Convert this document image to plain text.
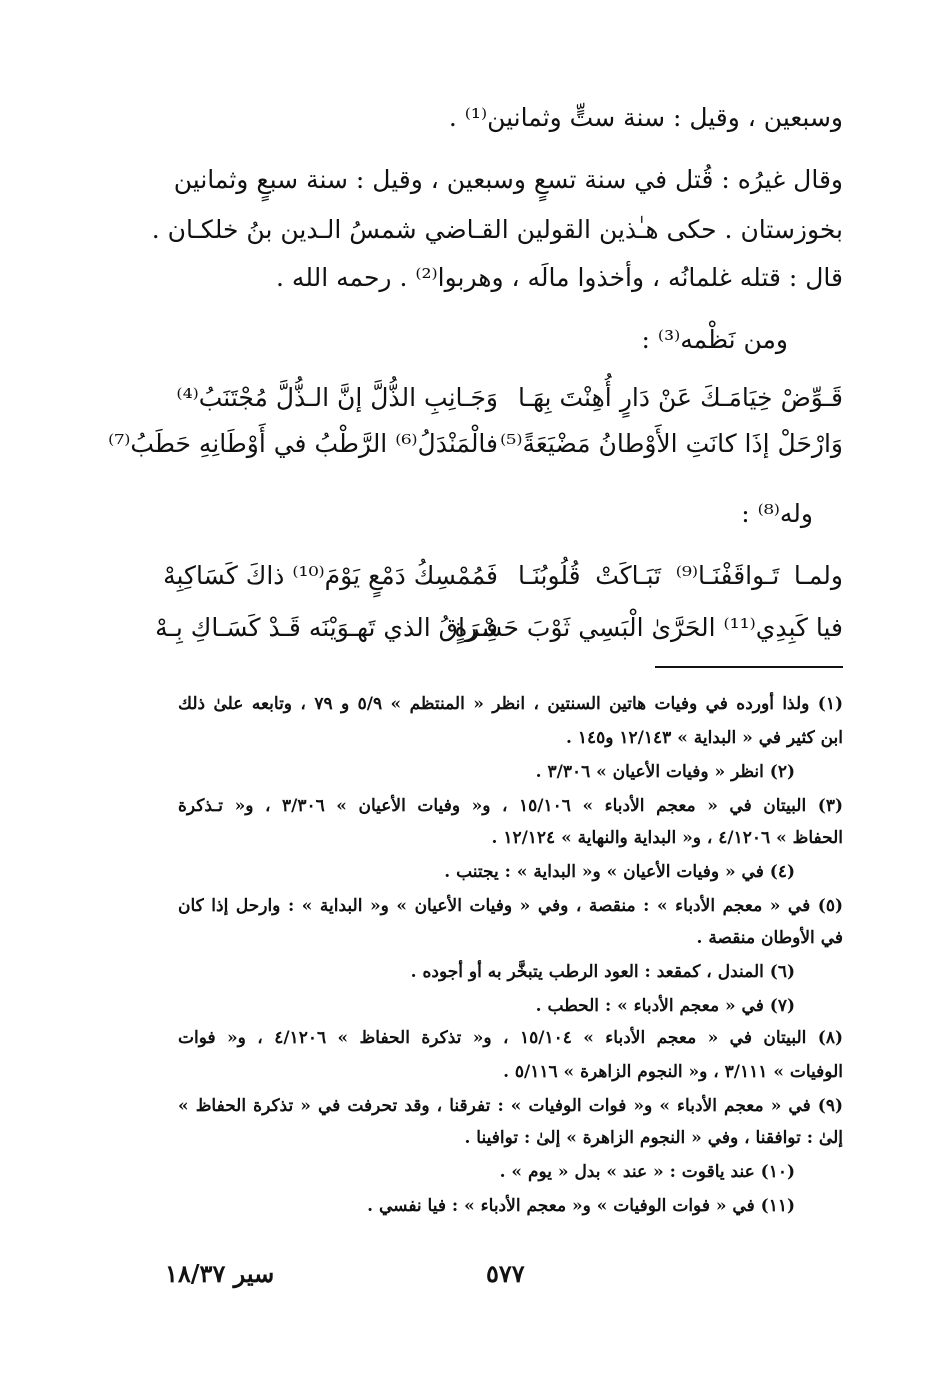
وسبعين ، وقيل : سنة ستٍّ وثمانين⁽¹⁾ .
وقال غيرُه : قُتل في سنة تسعٍ وسبعين ، وقيل : سنة سبعٍ وثمانين
بخوزستان . حكى هـٰذين القولين القـاضي شمسُ الـدين بنُ خلكـان .
قال : قتله غلمانُه ، وأخذوا مالَه ، وهربوا⁽²⁾ . رحمه الله .
ومن نَظْمه⁽³⁾ :
قَـوِّضْ خِيَامَـكَ عَنْ دَارٍ أُهِنْتَ بِهَـا
وَجَـانِبِ الذُّلَّ إنَّ الـذُّلَّ مُجْتَنَبُ⁽⁴⁾
وَارْحَلْ إذَا كانَتِ الأَوْطانُ مَضْيَعَةً⁽⁵⁾
فالْمَنْدَلُ⁽⁶⁾ الرَّطْبُ في أَوْطَانِهِ حَطَبُ⁽⁷⁾
وله⁽⁸⁾ :
ولمـا تَـواقَفْنَـا⁽⁹⁾ تَبَـاكَتْ قُلُوبُنَـا
فَمُمْسِكُ دَمْعٍ يَوْمَ⁽¹⁰⁾ ذاكَ كَسَاكِبِهْ
فيا كَبِدِي⁽¹¹⁾ الحَرَّىٰ الْبَسِي ثَوْبَ حَسْرَةٍ
فِـراقُ الذي تَهـوَيْنَه قَـدْ كَسَـاكِ بِـهْ
(١) ولذا أورده في وفيات هاتين السنتين ، انظر « المنتظم » ٥/٩ و ٧٩ ، وتابعه علىٰ ذلك
ابن كثير في « البداية » ١٢/١٤٣ و١٤٥ .
(٢) انظر « وفيات الأعيان » ٣/٣٠٦ .
(٣) البيتان في « معجم الأدباء » ١٥/١٠٦ ، و« وفيات الأعيان » ٣/٣٠٦ ، و« تـذكرة
الحفاظ » ٤/١٢٠٦ ، و« البداية والنهاية » ١٢/١٢٤ .
(٤) في « وفيات الأعيان » و« البداية » : يجتنب .
(٥) في « معجم الأدباء » : منقصة ، وفي « وفيات الأعيان » و« البداية » : وارحل إذا كان
في الأوطان منقصة .
(٦) المندل ، كمقعد : العود الرطب يتبخَّر به أو أجوده .
(٧) في « معجم الأدباء » : الحطب .
(٨) البيتان في « معجم الأدباء » ١٥/١٠٤ ، و« تذكرة الحفاظ » ٤/١٢٠٦ ، و« فوات
الوفيات » ٣/١١١ ، و« النجوم الزاهرة » ٥/١١٦ .
(٩) في « معجم الأدباء » و« فوات الوفيات » : تفرقنا ، وقد تحرفت في « تذكرة الحفاظ »
إلىٰ : توافقنا ، وفي « النجوم الزاهرة » إلىٰ : توافينا .
(١٠) عند ياقوت : « عند » بدل « يوم » .
(١١) في « فوات الوفيات » و« معجم الأدباء » : فيا نفسي .
٥٧٧
سير ١٨/٣٧
